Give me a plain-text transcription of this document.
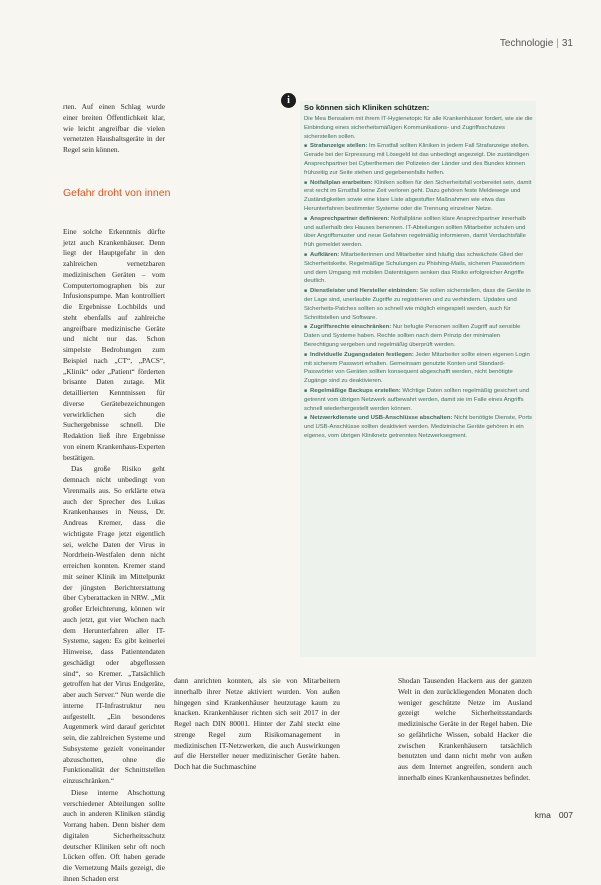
Technologie | 31

rten. Auf einen Schlag wurde einer breiten Öffentlichkeit klar, wie leicht angreifbar die vielen vernetzten Haushaltsgeräte in der Regel sein können.

Gefahr droht von innen

Eine solche Erkenntnis dürfte jetzt auch Krankenhäuser. Denn liegt der Hauptgefahr in den zahlreichen vernetzbaren medizinischen Geräten – vom Computertomographen bis zur Infusionspumpe. Man kontrolliert die Ergebnisse Lochbilds und steht ebenfalls auf zahlreiche angreifbare medizinische Geräte und nicht nur das. Schon simpelste Bedrohungen zum Beispiel nach „CT“, „PACS“, „Klinik“ oder „Patient“ förderten brisante Daten zutage. Mit detaillierten Kenntnissen für diverse Gerätebezeichnungen verwirklichen sich die Suchergebnisse schnell. Die Redaktion ließ ihre Ergebnisse von einem Krankenhaus-Experten bestätigen.

Das große Risiko geht demnach nicht unbedingt von Virenmails aus. So erklärte etwa auch der Sprecher des Lukas Krankenhauses in Neuss, Dr. Andreas Kremer, dass die wichtigste Frage jetzt eigentlich sei, welche Daten der Virus in Nordrhein-Westfalen denn nicht erreichen konnten. Kremer stand mit seiner Klinik im Mittelpunkt der jüngsten Berichterstattung über Cyberattacken in NRW. „Mit großer Erleichterung, können wir auch jetzt, gut vier Wochen nach dem Herunterfahren aller IT-Systeme, sagen: Es gibt keinerlei Hinweise, dass Patientendaten geschädigt oder abgeflossen sind“, so Kremer. „Tatsächlich getroffen hat der Virus Endgeräte, aber auch Server.“ Nun werde die interne IT-Infrastruktur neu aufgestellt. „Ein besonderes Augenmerk wird darauf gerichtet sein, die zahlreichen Systeme und Subsysteme gezielt voneinander abzuschotten, ohne die Funktionalität der Schnittstellen einzuschränken.“

Diese interne Abschottung verschiedener Abteilungen sollte auch in anderen Kliniken ständig Vorrang haben. Denn bisher dem digitalen Sicherheitsschutz deutscher Kliniken sehr oft noch Lücken offen. Oft haben gerade die Vernetzung Mails gezeigt, die ihnen Schaden erst

i
So können sich Kliniken schützen:

Die Mea Bensalem mit ihrem IT-Hygienetopic für alle Krankenhäuser fordert, wie sie die Einbindung eines sicherheitsmäßigen Kommunikations- und Zugriffsschutzes sicherstellen sollen.

■ Strafanzeige stellen: Im Ernstfall sollten Kliniken in jedem Fall Strafanzeige stellen. Gerade bei der Erpressung mit Lösegeld ist das unbedingt angezeigt. Die zuständigen Ansprechpartner bei Cyberthemen der Polizeien der Länder und des Bundes können frühzeitig zur Seite stehen und gegebenenfalls helfen.

■ Notfallplan erarbeiten: Kliniken sollten für den Sicherheitsfall vorbereitet sein, damit erst recht im Ernstfall keine Zeit verloren geht. Dazu gehören feste Meldewege und Zuständigkeiten sowie eine klare Liste abgestufter Maßnahmen wie etwa das Herunterfahren bestimmter Systeme oder die Trennung einzelner Netze.

■ Ansprechpartner definieren: Notfallpläne sollten klare Ansprechpartner innerhalb und außerhalb des Hauses benennen. IT-Abteilungen sollten Mitarbeiter schulen und über Angriffsmuster und neue Gefahren regelmäßig informieren, damit Verdachtsfälle früh gemeldet werden.

■ Aufklären: Mitarbeiterinnen und Mitarbeiter sind häufig das schwächste Glied der Sicherheitskette. Regelmäßige Schulungen zu Phishing-Mails, sicheren Passwörtern und dem Umgang mit mobilen Datenträgern senken das Risiko erfolgreicher Angriffe deutlich.

■ Dienstleister und Hersteller einbinden: Sie sollen sicherstellen, dass die Geräte in der Lage sind, unerlaubte Zugriffe zu registrieren und zu verhindern. Updates und Sicherheits-Patches sollten so schnell wie möglich eingespielt werden, auch für Schnittstellen und Software.

■ Zugriffsrechte einschränken: Nur befugte Personen sollten Zugriff auf sensible Daten und Systeme haben. Rechte sollten nach dem Prinzip der minimalen Berechtigung vergeben und regelmäßig überprüft werden.

■ Individuelle Zugangsdaten festlegen: Jeder Mitarbeiter sollte einen eigenen Login mit sicherem Passwort erhalten. Gemeinsam genutzte Konten und Standard-Passwörter von Geräten sollten konsequent abgeschafft werden, nicht benötigte Zugänge sind zu deaktivieren.

■ Regelmäßige Backups erstellen: Wichtige Daten sollten regelmäßig gesichert und getrennt vom übrigen Netzwerk aufbewahrt werden, damit sie im Falle eines Angriffs schnell wiederhergestellt werden können.

■ Netzwerkdienste und USB-Anschlüsse abschalten: Nicht benötigte Dienste, Ports und USB-Anschlüsse sollten deaktiviert werden. Medizinische Geräte gehören in ein eigenes, vom übrigen Kliniknetz getrenntes Netzwerksegment.

dann anrichten konnten, als sie von Mitarbeitern innerhalb ihrer Netze aktiviert wurden. Von außen hingegen sind Krankenhäuser heutzutage kaum zu knacken. Krankenhäuser richten sich seit 2017 in der Regel nach DIN 80001. Hinter der Zahl steckt eine strenge Regel zum Risikomanagement in medizinischen IT-Netzwerken, die auch Auswirkungen auf die Hersteller neuer medizinischer Geräte haben. Doch hat die Suchmaschine

Shodan Tausenden Hackern aus der ganzen Welt in den zurückliegenden Monaten doch weniger geschützte Netze im Ausland gezeigt welche Sicherheitsstandards medizinische Geräte in der Regel haben. Die so gefährliche Wissen, sobald Hacker die zwischen Krankenhäusern tatsächlich benutzten und dann nicht mehr von außen aus dem Internet angreifen, sondern auch innerhalb eines Krankenhausnetzes befindet.

kma 007
